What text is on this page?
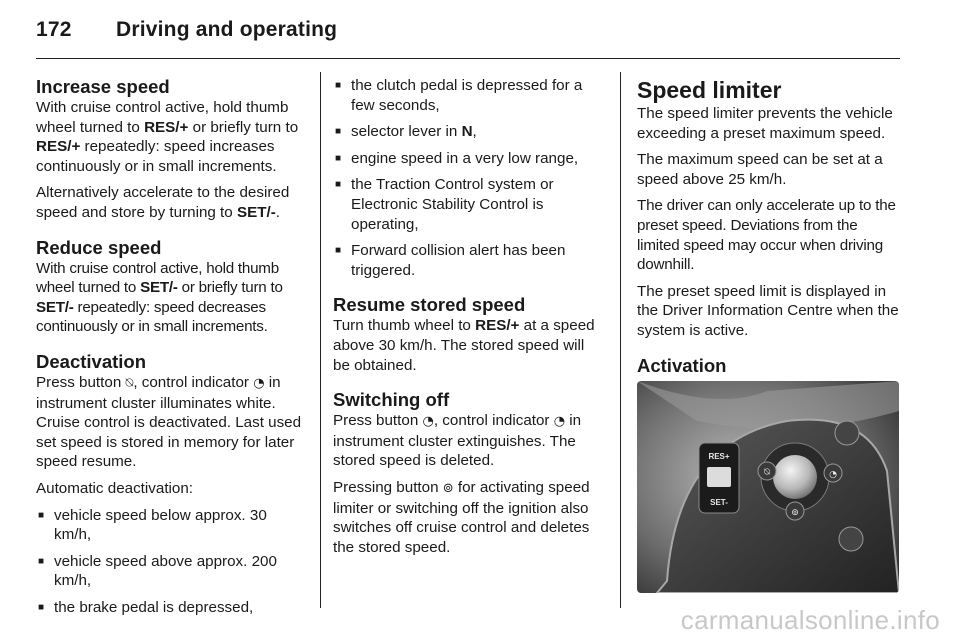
172 Driving and operating
Increase speed

With cruise control active, hold thumb wheel turned to RES/+ or briefly turn to RES/+ repeatedly: speed increases continuously or in small increments.

Alternatively accelerate to the desired speed and store by turning to SET/-.

Reduce speed

With cruise control active, hold thumb wheel turned to SET/- or briefly turn to SET/- repeatedly: speed decreases continuously or in small increments.

Deactivation

Press button ⍉, control indicator ◔ in instrument cluster illuminates white. Cruise control is deactivated. Last used set speed is stored in memory for later speed resume.

Automatic deactivation:

■ vehicle speed below approx. 30 km/h,
■ vehicle speed above approx. 200 km/h,
■ the brake pedal is depressed,
■ the clutch pedal is depressed for a few seconds,
■ selector lever in N,
■ engine speed in a very low range,
■ the Traction Control system or Electronic Stability Control is operating,
■ Forward collision alert has been triggered.
Resume stored speed

Turn thumb wheel to RES/+ at a speed above 30 km/h. The stored speed will be obtained.

Switching off

Press button ◔, control indicator ◔ in instrument cluster extinguishes. The stored speed is deleted.

Pressing button ⊚ for activating speed limiter or switching off the ignition also switches off cruise control and deletes the stored speed.

Speed limiter

The speed limiter prevents the vehicle exceeding a preset maximum speed.

The maximum speed can be set at a speed above 25 km/h.

The driver can only accelerate up to the preset speed. Deviations from the limited speed may occur when driving downhill.

The preset speed limit is displayed in the Driver Information Centre when the system is active.

Activation
RES+
SET-
⍉	◔
⊚
carmanualsonline.info
